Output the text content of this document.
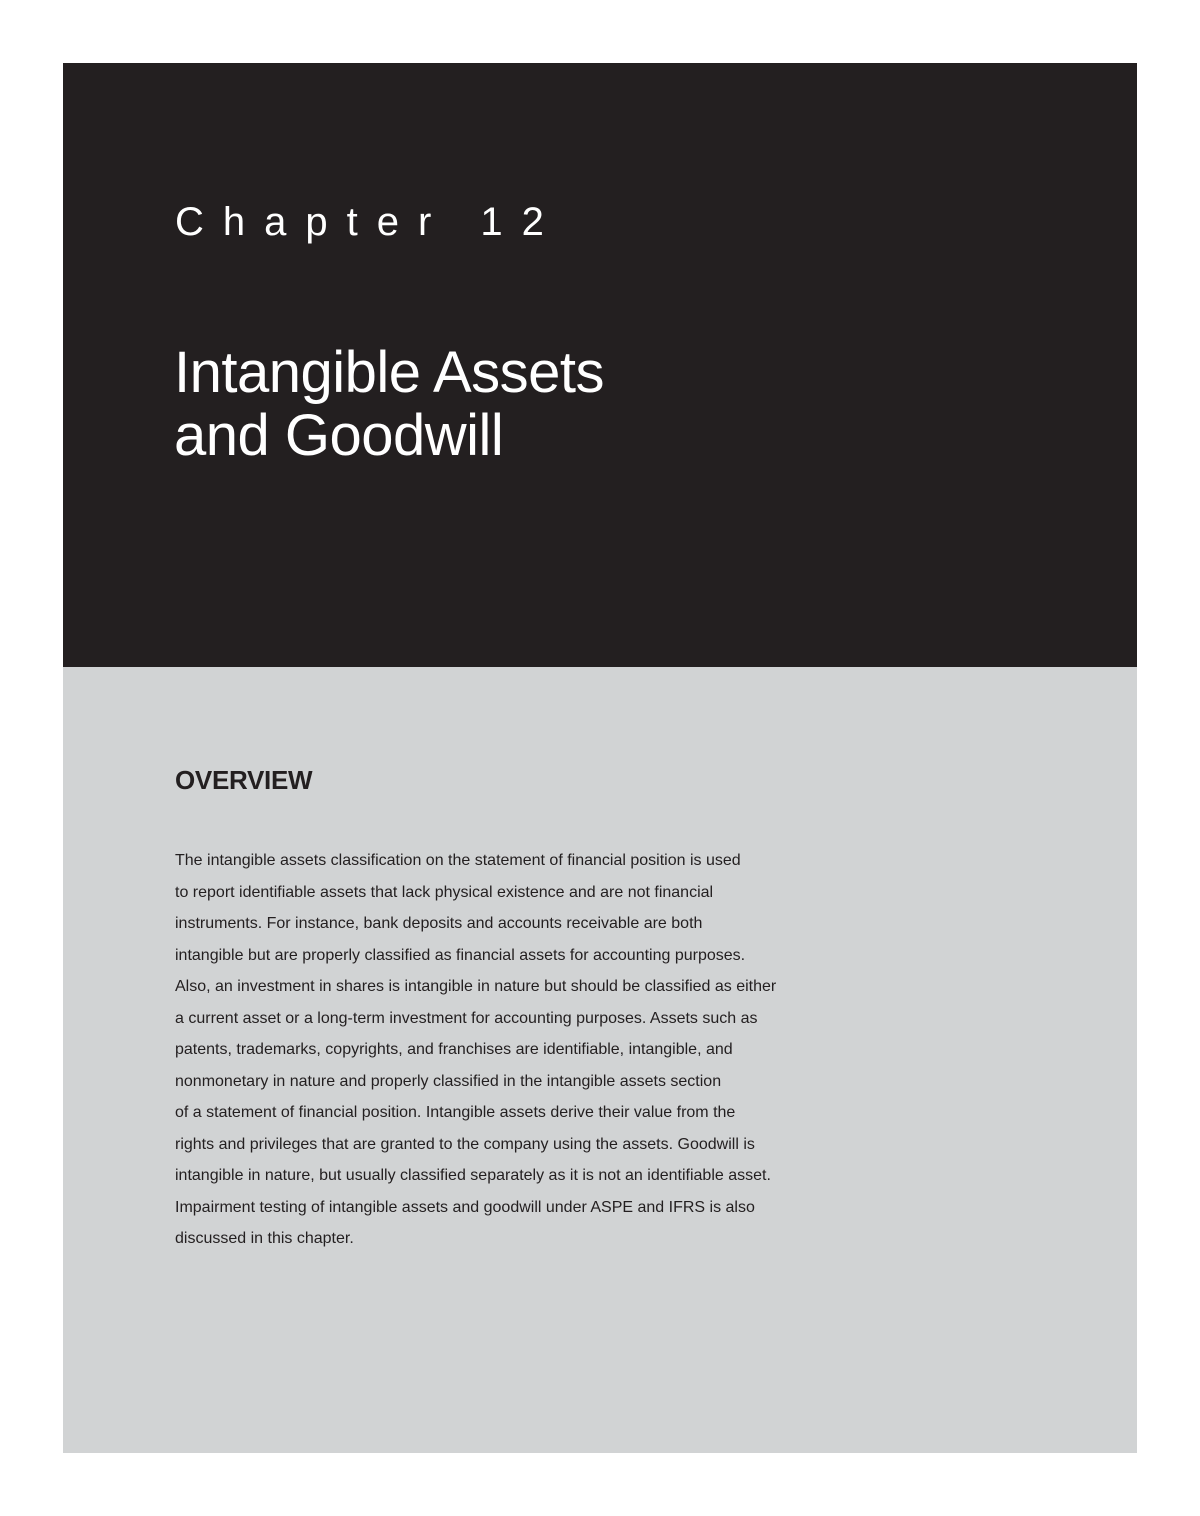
Chapter 12
Intangible Assets
and Goodwill
OVERVIEW

The intangible assets classification on the statement of financial position is used
to report identifiable assets that lack physical existence and are not financial
instruments. For instance, bank deposits and accounts receivable are both
intangible but are properly classified as financial assets for accounting purposes.
Also, an investment in shares is intangible in nature but should be classified as either
a current asset or a long-term investment for accounting purposes. Assets such as
patents, trademarks, copyrights, and franchises are identifiable, intangible, and
nonmonetary in nature and properly classified in the intangible assets section
of a statement of financial position. Intangible assets derive their value from the
rights and privileges that are granted to the company using the assets. Goodwill is
intangible in nature, but usually classified separately as it is not an identifiable asset.
Impairment testing of intangible assets and goodwill under ASPE and IFRS is also
discussed in this chapter.
